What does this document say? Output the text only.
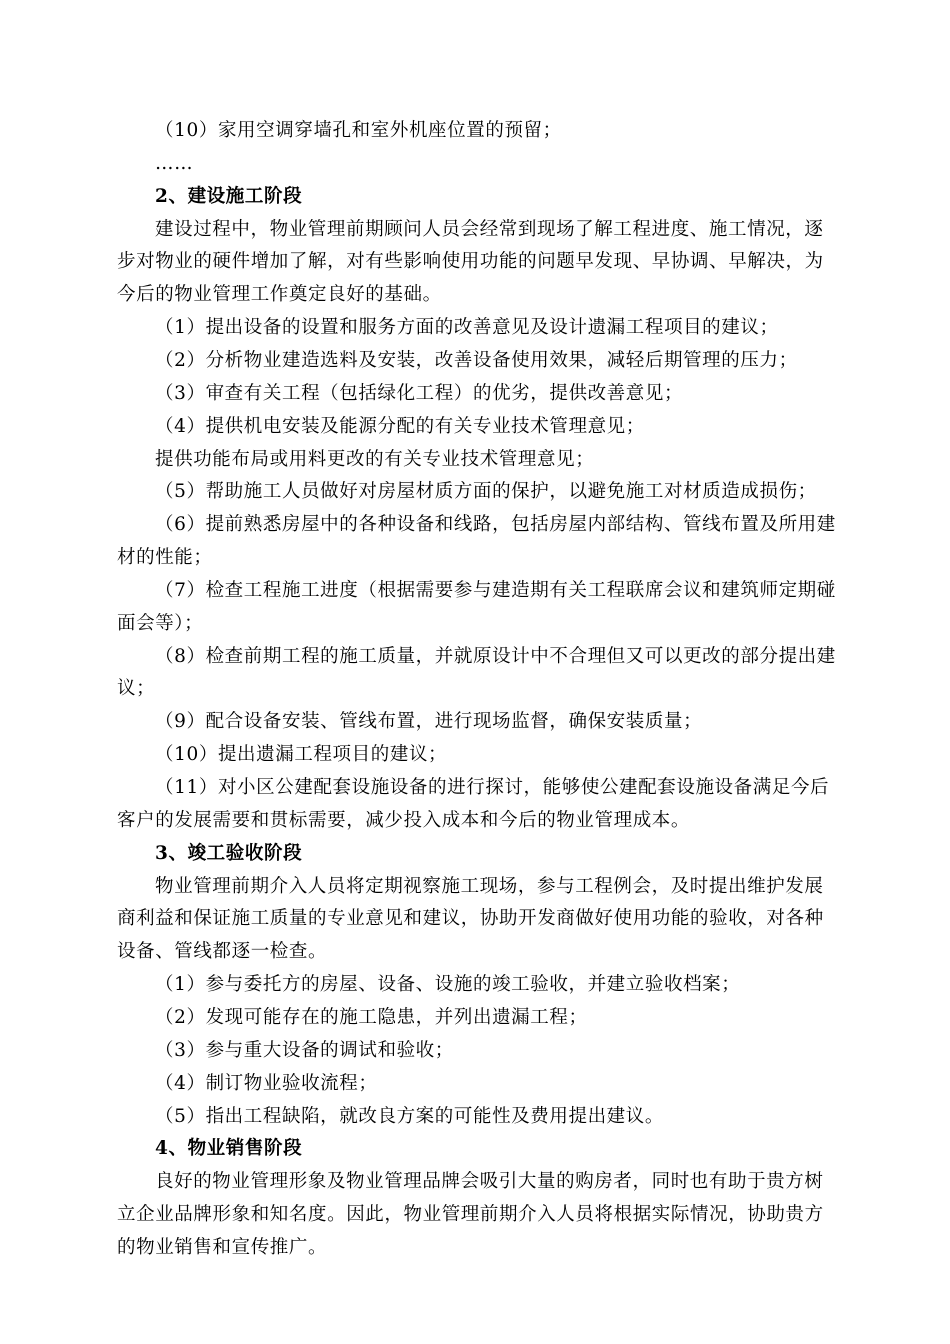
（10）家用空调穿墙孔和室外机座位置的预留；
……
2、建设施工阶段
建设过程中，物业管理前期顾问人员会经常到现场了解工程进度、施工情况，逐
步对物业的硬件增加了解，对有些影响使用功能的问题早发现、早协调、早解决，为
今后的物业管理工作奠定良好的基础。
（1）提出设备的设置和服务方面的改善意见及设计遗漏工程项目的建议；
（2）分析物业建造选料及安装，改善设备使用效果，减轻后期管理的压力；
（3）审查有关工程（包括绿化工程）的优劣，提供改善意见；
（4）提供机电安装及能源分配的有关专业技术管理意见；
提供功能布局或用料更改的有关专业技术管理意见；
（5）帮助施工人员做好对房屋材质方面的保护，以避免施工对材质造成损伤；
（6）提前熟悉房屋中的各种设备和线路，包括房屋内部结构、管线布置及所用建
材的性能；
（7）检查工程施工进度（根据需要参与建造期有关工程联席会议和建筑师定期碰
面会等）；
（8）检查前期工程的施工质量，并就原设计中不合理但又可以更改的部分提出建
议；
（9）配合设备安装、管线布置，进行现场监督，确保安装质量；
（10）提出遗漏工程项目的建议；
（11）对小区公建配套设施设备的进行探讨，能够使公建配套设施设备满足今后
客户的发展需要和贯标需要，减少投入成本和今后的物业管理成本。
3、竣工验收阶段
物业管理前期介入人员将定期视察施工现场，参与工程例会，及时提出维护发展
商利益和保证施工质量的专业意见和建议，协助开发商做好使用功能的验收，对各种
设备、管线都逐一检查。
（1）参与委托方的房屋、设备、设施的竣工验收，并建立验收档案；
（2）发现可能存在的施工隐患，并列出遗漏工程；
（3）参与重大设备的调试和验收；
（4）制订物业验收流程；
（5）指出工程缺陷，就改良方案的可能性及费用提出建议。
4、物业销售阶段
良好的物业管理形象及物业管理品牌会吸引大量的购房者，同时也有助于贵方树
立企业品牌形象和知名度。因此，物业管理前期介入人员将根据实际情况，协助贵方
的物业销售和宣传推广。
